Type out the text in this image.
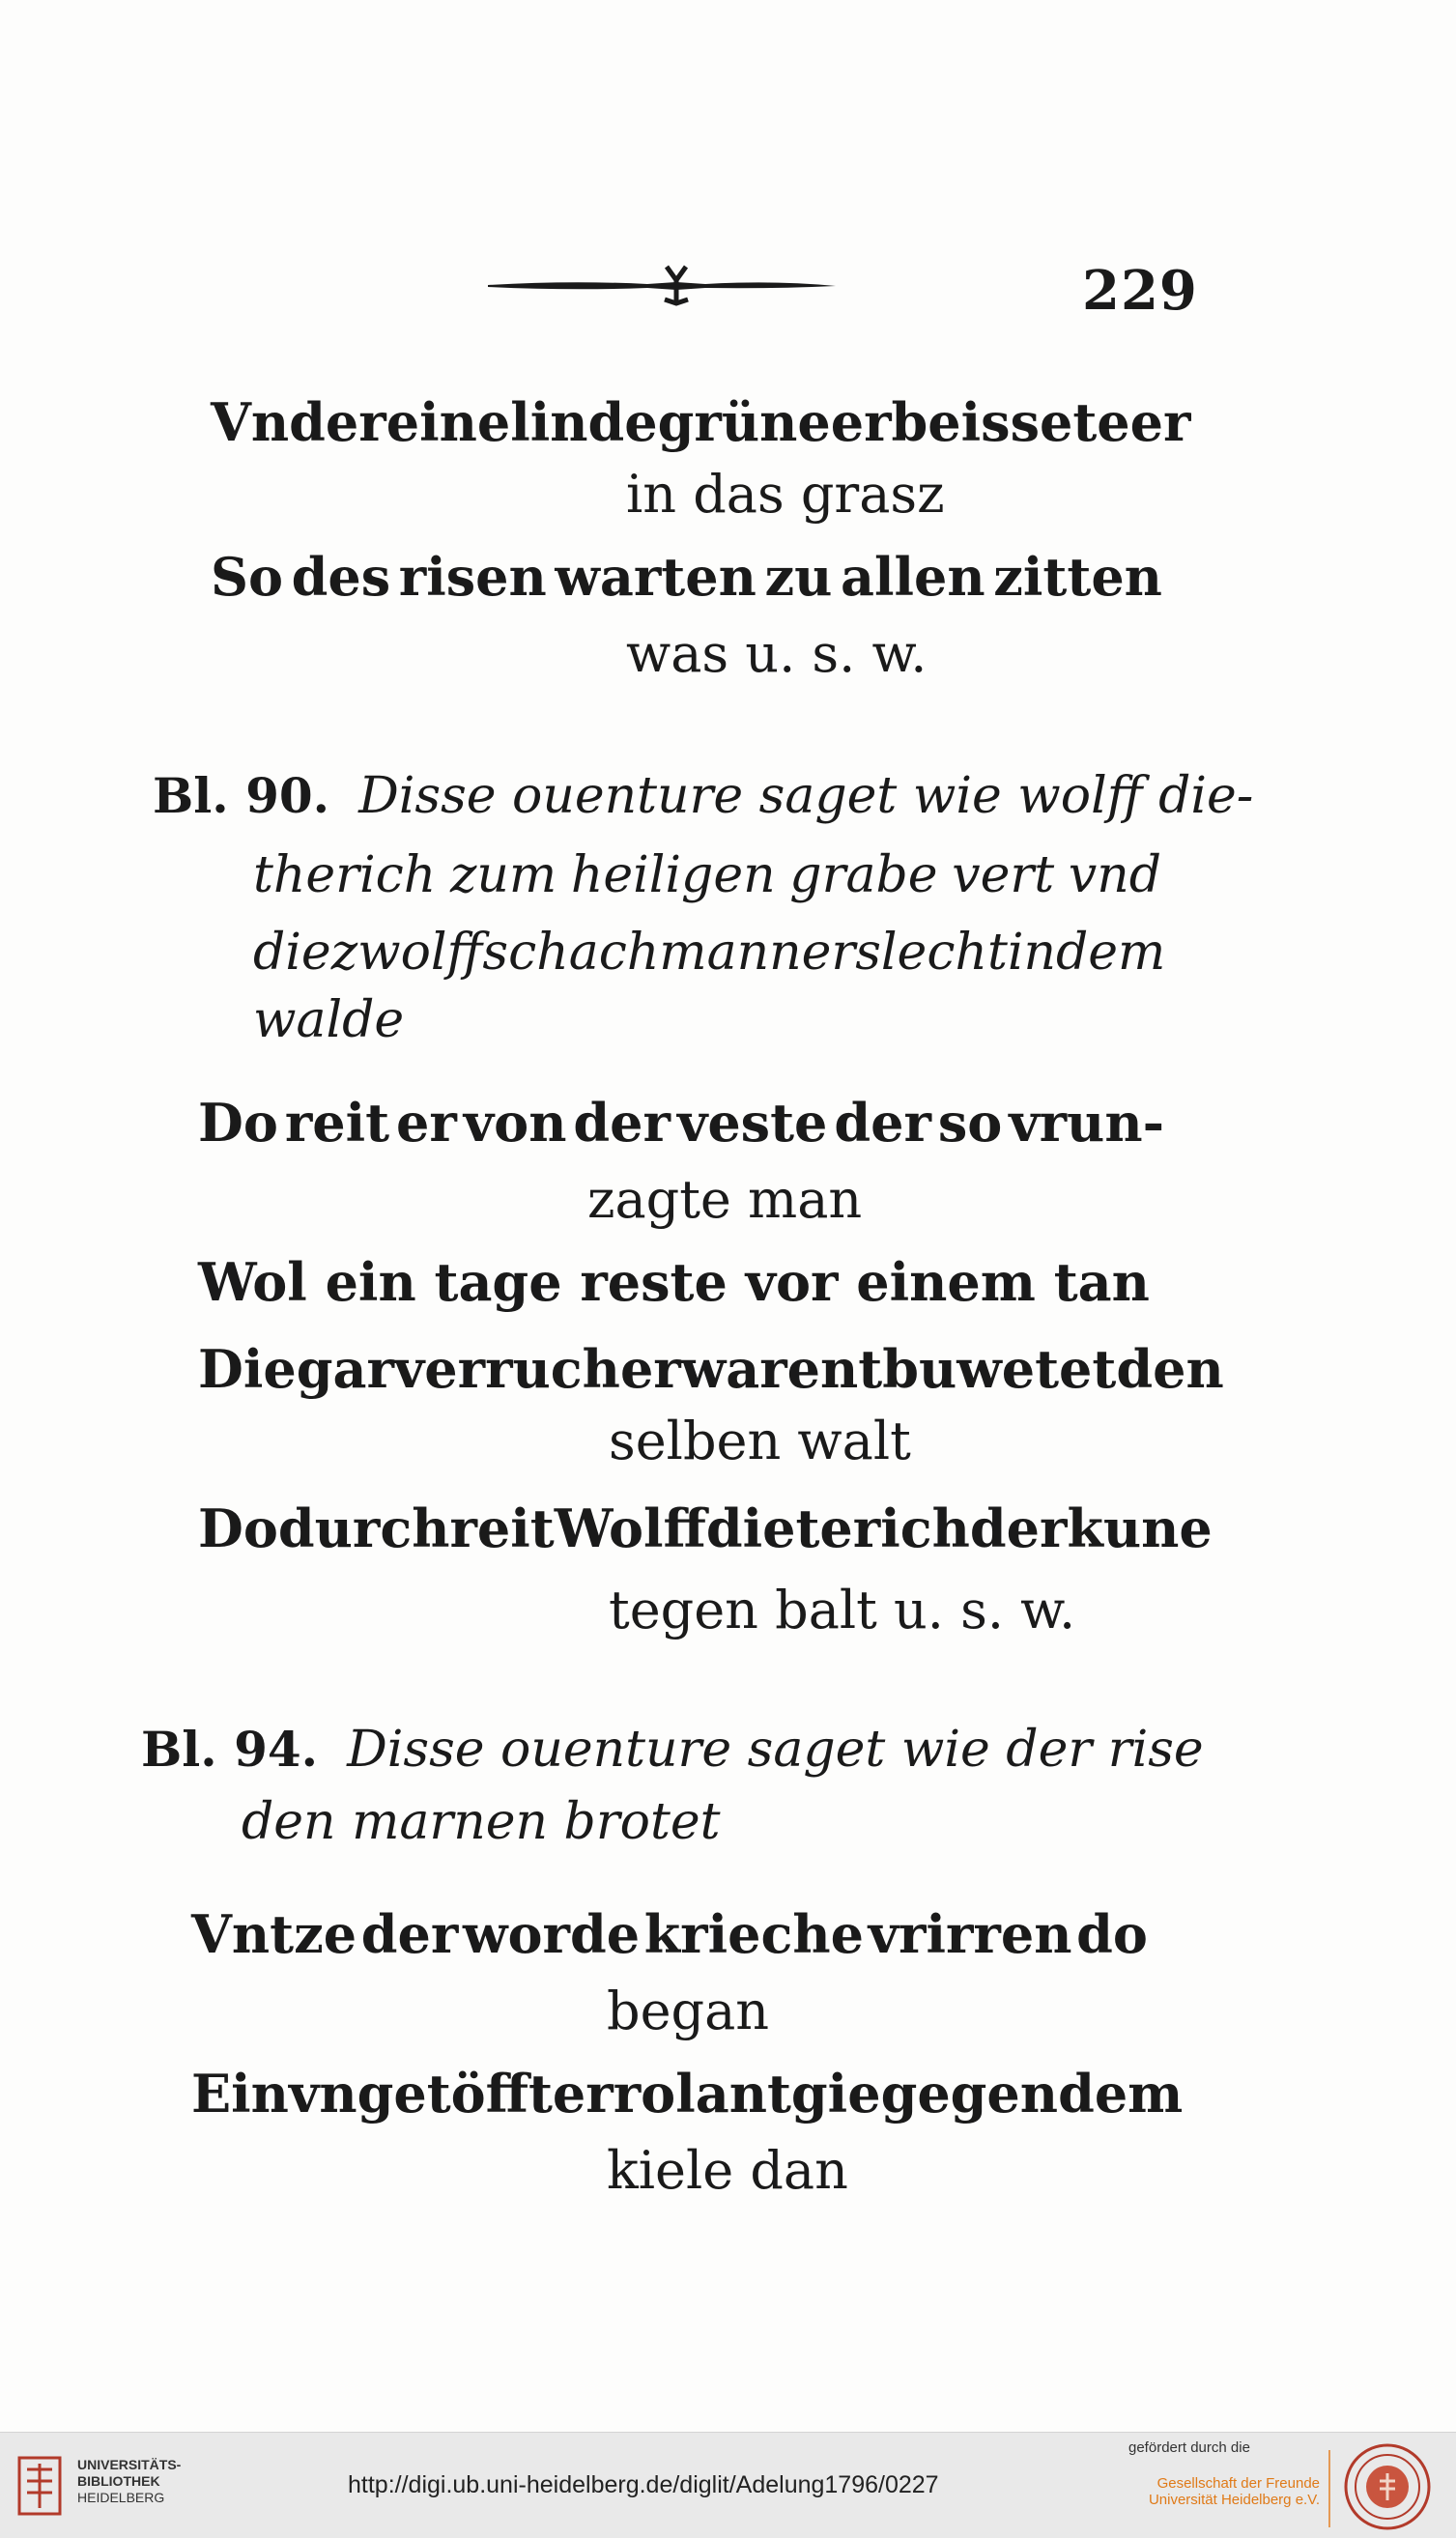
229
Vnder eine linde grüne erbeissete er
in das grasz
So des risen warten zu allen zitten
was u. s. w.
Bl. 90. Disse ouenture saget wie wolff die-
therich zum heiligen grabe vert vnd
die zwolff schachmann erslecht in dem
walde
Do reit er von der veste der so vrun-
zagte man
Wol ein tage reste vor einem tan
Die gar verrucher warent buwetet den
selben walt
Do durch reit Wolff dieterich der kune
tegen balt u. s. w.
Bl. 94. Disse ouenture saget wie der rise
den marnen brotet
Vntze der worde krieche vrirren do
began
Ein vngetöffter rolant gie gegen dem
kiele dan
UNIVERSITÄTS-
BIBLIOTHEK
HEIDELBERG	http://digi.ub.uni-heidelberg.de/diglit/Adelung1796/0227
gefördert durch die
Gesellschaft der Freunde
Universität Heidelberg e.V.
